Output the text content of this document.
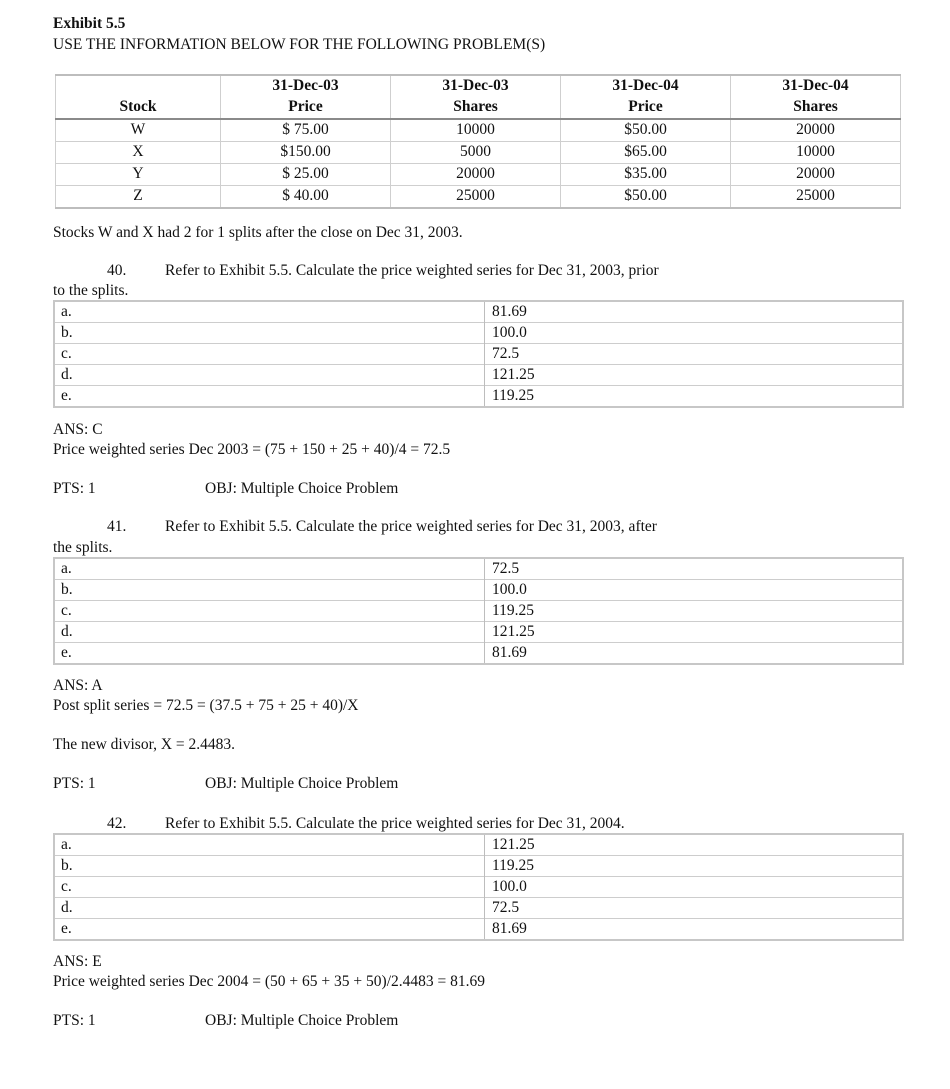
Exhibit 5.5
USE THE INFORMATION BELOW FOR THE FOLLOWING PROBLEM(S)
	31-Dec-03	31-Dec-03	31-Dec-04	31-Dec-04
Stock	Price	Shares	Price	Shares
W	$ 75.00	10000	$50.00	20000
X	$150.00	5000	$65.00	10000
Y	$ 25.00	20000	$35.00	20000
Z	$ 40.00	25000	$50.00	25000
Stocks W and X had 2 for 1 splits after the close on Dec 31, 2003.
40. Refer to Exhibit 5.5. Calculate the price weighted series for Dec 31, 2003, prior
to the splits.
a.	81.69
b.	100.0
c.	72.5
d.	121.25
e.	119.25
ANS: C
Price weighted series Dec 2003 = (75 + 150 + 25 + 40)/4 = 72.5
PTS: 1	OBJ: Multiple Choice Problem
41. Refer to Exhibit 5.5. Calculate the price weighted series for Dec 31, 2003, after
the splits.
a.	72.5
b.	100.0
c.	119.25
d.	121.25
e.	81.69
ANS: A
Post split series = 72.5 = (37.5 + 75 + 25 + 40)/X
The new divisor, X = 2.4483.
PTS: 1	OBJ: Multiple Choice Problem
42. Refer to Exhibit 5.5. Calculate the price weighted series for Dec 31, 2004.
a.	121.25
b.	119.25
c.	100.0
d.	72.5
e.	81.69
ANS: E
Price weighted series Dec 2004 = (50 + 65 + 35 + 50)/2.4483 = 81.69
PTS: 1	OBJ: Multiple Choice Problem
